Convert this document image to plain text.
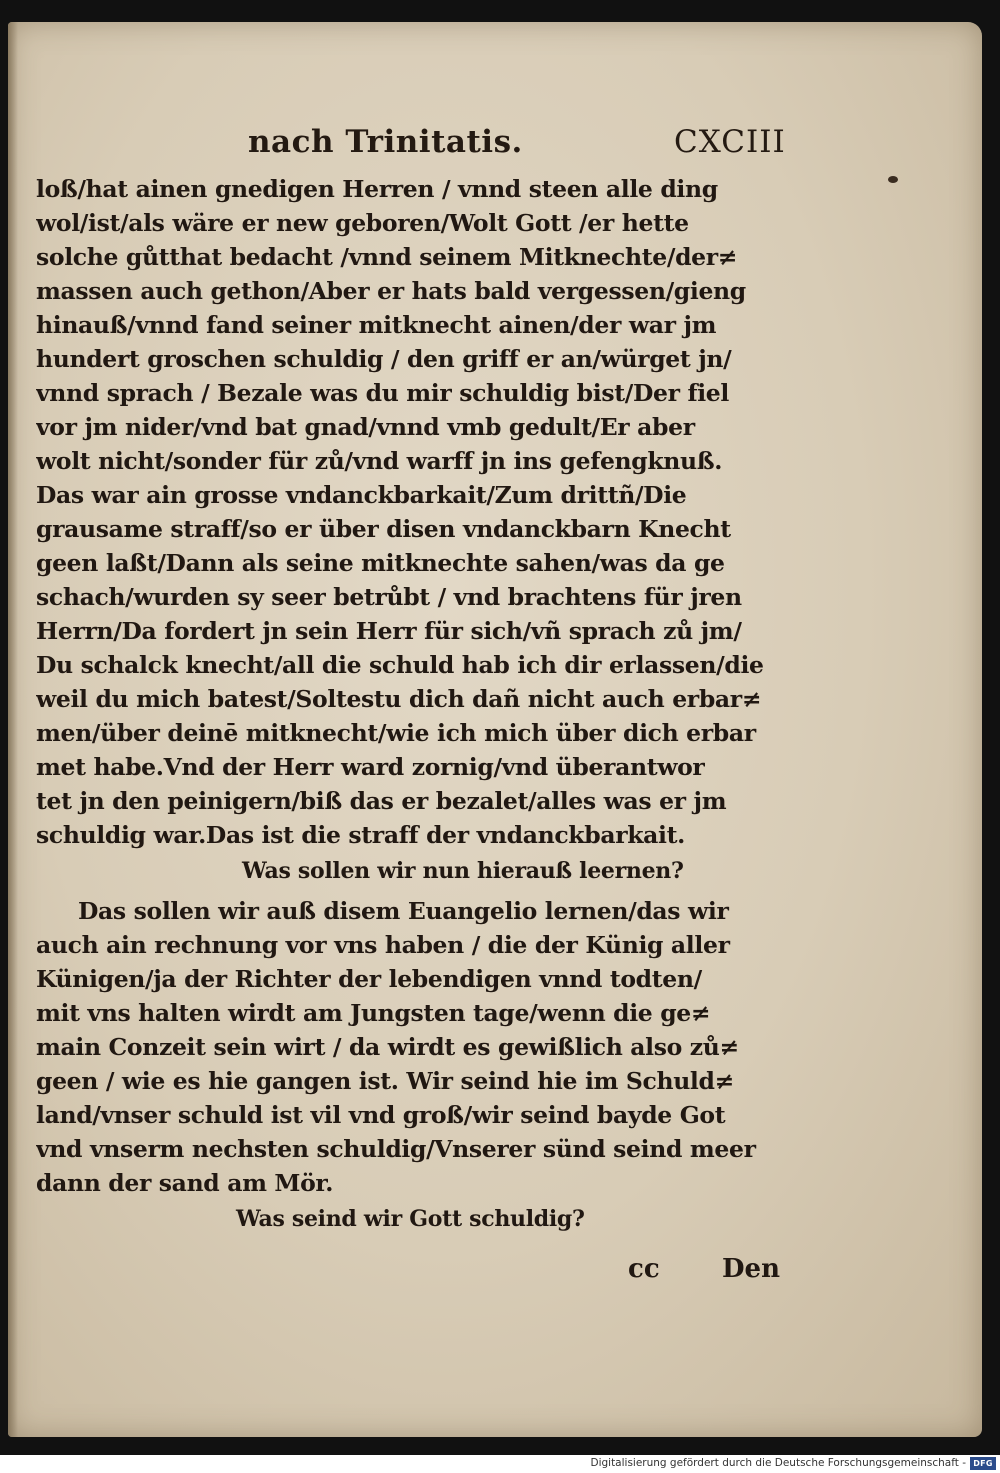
nach Trinitatis.	CXCIII
loß/hat ainen gnedigen Herren / vnnd steen alle ding
wol/ist/als wäre er new geboren/Wolt Gott /er hette
solche gůtthat bedacht /vnnd seinem Mitknechte/der≠
massen auch gethon/Aber er hats bald vergessen/gieng
hinauß/vnnd fand seiner mitknecht ainen/der war jm
hundert groschen schuldig / den griff er an/würget jn/
vnnd sprach / Bezale was du mir schuldig bist/Der fiel
vor jm nider/vnd bat gnad/vnnd vmb gedult/Er aber
wolt nicht/sonder für zů/vnd warff jn ins gefengknuß.
Das war ain grosse vndanckbarkait/Zum drittñ/Die
grausame straff/so er über disen vndanckbarn Knecht
geen laßt/Dann als seine mitknechte sahen/was da ge
schach/wurden sy seer betrůbt / vnd brachtens für jren
Herrn/Da fordert jn sein Herr für sich/vñ sprach zů jm/
Du schalck knecht/all die schuld hab ich dir erlassen/die
weil du mich batest/Soltestu dich dañ nicht auch erbar≠
men/über deinē mitknecht/wie ich mich über dich erbar
met habe.Vnd der Herr ward zornig/vnd überantwor
tet jn den peinigern/biß das er bezalet/alles was er jm
schuldig war.Das ist die straff der vndanckbarkait.
Was sollen wir nun hierauß leernen?
Das sollen wir auß disem Euangelio lernen/das wir
auch ain rechnung vor vns haben / die der Künig aller
Künigen/ja der Richter der lebendigen vnnd todten/
mit vns halten wirdt am Jungsten tage/wenn die ge≠
main Conzeit sein wirt / da wirdt es gewißlich also zů≠
geen / wie es hie gangen ist. Wir seind hie im Schuld≠
land/vnser schuld ist vil vnd groß/wir seind bayde Got
vnd vnserm nechsten schuldig/Vnserer sünd seind meer
dann der sand am Mör.
Was seind wir Gott schuldig?
cc Den
Digitalisierung gefördert durch die Deutsche Forschungsgemeinschaft - DFG
